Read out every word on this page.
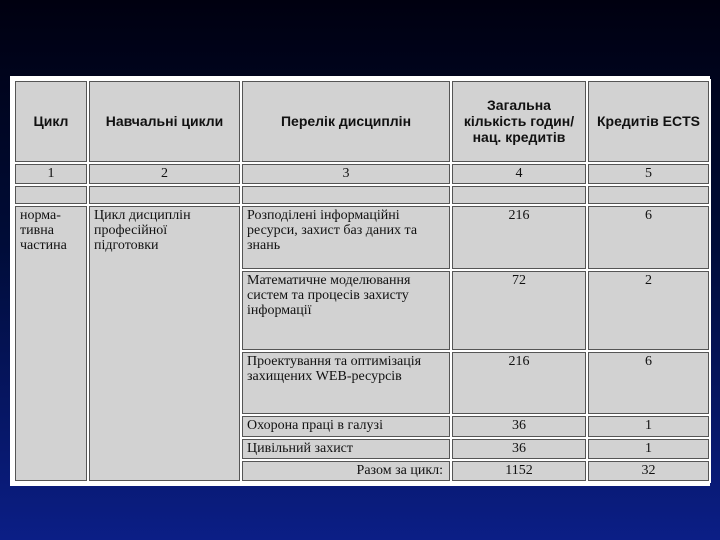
Цикл	Навчальні цикли	Перелік дисциплін	Загальна кількість годин/нац. кредитів	Кредитів ECTS
1	2	3	4	5

норма-тивна частина	Цикл дисциплін професійної підготовки	Розподілені інформаційні ресурси, захист баз даних та знань	216	6
		Математичне моделювання систем та процесів захисту інформації	72	2
		Проектування та оптимізація захищених WEB-ресурсів	216	6
		Охорона праці в галузі	36	1
		Цивільний захист	36	1
		Разом за цикл:	1152	32
